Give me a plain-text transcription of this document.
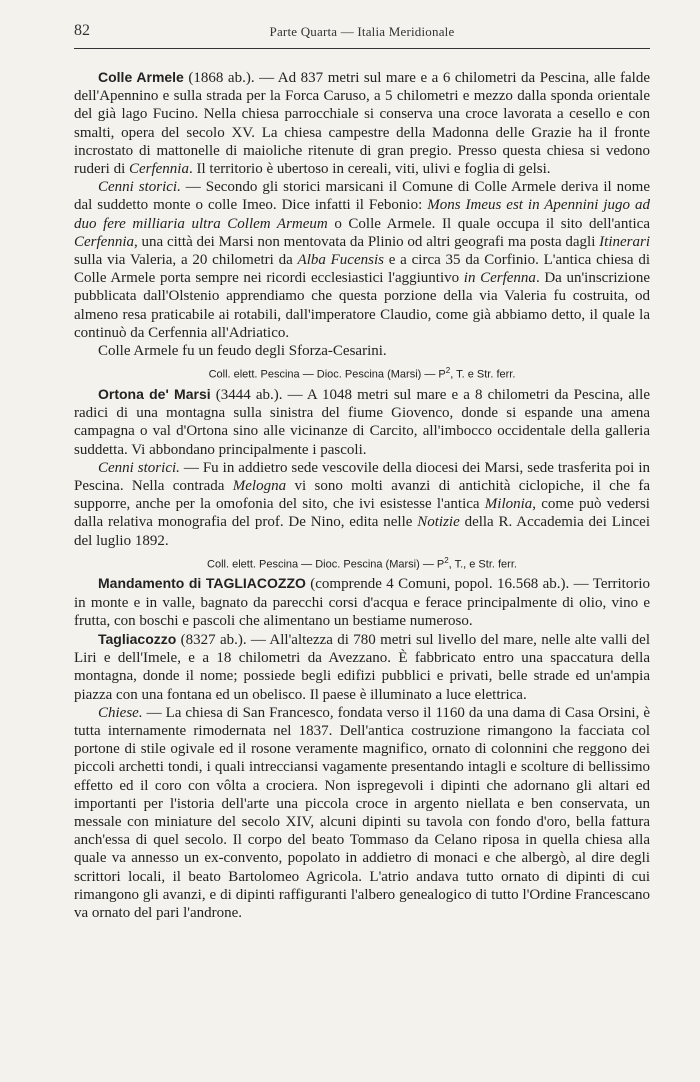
82	Parte Quarta — Italia Meridionale

Colle Armele (1868 ab.). — Ad 837 metri sul mare e a 6 chilometri da Pescina, alle falde dell'Apennino e sulla strada per la Forca Caruso, a 5 chilometri e mezzo dalla sponda orientale del già lago Fucino. Nella chiesa parrocchiale si conserva una croce lavorata a cesello e con smalti, opera del secolo XV. La chiesa campestre della Madonna delle Grazie ha il fronte incrostato di mattonelle di maioliche ritenute di gran pregio. Presso questa chiesa si vedono ruderi di Cerfennia. Il territorio è ubertoso in cereali, viti, ulivi e foglia di gelsi.

Cenni storici. — Secondo gli storici marsicani il Comune di Colle Armele deriva il nome dal suddetto monte o colle Imeo. Dice infatti il Febonio: Mons Imeus est in Apennini jugo ad duo fere milliaria ultra Collem Armeum o Colle Armele. Il quale occupa il sito dell'antica Cerfennia, una città dei Marsi non mentovata da Plinio od altri geografi ma posta dagli Itinerari sulla via Valeria, a 20 chilometri da Alba Fucensis e a circa 35 da Corfinio. L'antica chiesa di Colle Armele porta sempre nei ricordi ecclesiastici l'aggiuntivo in Cerfenna. Da un'inscrizione pubblicata dall'Olstenio apprendiamo che questa porzione della via Valeria fu costruita, od almeno resa praticabile ai rotabili, dall'imperatore Claudio, come già abbiamo detto, il quale la continuò da Cerfennia all'Adriatico.

Colle Armele fu un feudo degli Sforza-Cesarini.

Coll. elett. Pescina — Dioc. Pescina (Marsi) — $P^2$, T. e Str. ferr.

Ortona de' Marsi (3444 ab.). — A 1048 metri sul mare e a 8 chilometri da Pescina, alle radici di una montagna sulla sinistra del fiume Giovenco, donde si espande una amena campagna o val d'Ortona sino alle vicinanze di Carcito, all'imbocco occidentale della galleria suddetta. Vi abbondano principalmente i pascoli.

Cenni storici. — Fu in addietro sede vescovile della diocesi dei Marsi, sede trasferita poi in Pescina. Nella contrada Melogna vi sono molti avanzi di antichità ciclopiche, il che fa supporre, anche per la omofonia del sito, che ivi esistesse l'antica Milonia, come può vedersi dalla relativa monografia del prof. De Nino, edita nelle Notizie della R. Accademia dei Lincei del luglio 1892.

Coll. elett. Pescina — Dioc. Pescina (Marsi) — $P^2$, T., e Str. ferr.

Mandamento di TAGLIACOZZO (comprende 4 Comuni, popol. 16.568 ab.). — Territorio in monte e in valle, bagnato da parecchi corsi d'acqua e ferace principalmente di olio, vino e frutta, con boschi e pascoli che alimentano un bestiame numeroso.

Tagliacozzo (8327 ab.). — All'altezza di 780 metri sul livello del mare, nelle alte valli del Liri e dell'Imele, e a 18 chilometri da Avezzano. È fabbricato entro una spaccatura della montagna, donde il nome; possiede begli edifizi pubblici e privati, belle strade ed un'ampia piazza con una fontana ed un obelisco. Il paese è illuminato a luce elettrica.

Chiese. — La chiesa di San Francesco, fondata verso il 1160 da una dama di Casa Orsini, è tutta internamente rimodernata nel 1837. Dell'antica costruzione rimangono la facciata col portone di stile ogivale ed il rosone veramente magnifico, ornato di colonnini che reggono dei piccoli archetti tondi, i quali intrecciansi vagamente presentando intagli e scolture di bellissimo effetto ed il coro con vôlta a crociera. Non ispregevoli i dipinti che adornano gli altari ed importanti per l'istoria dell'arte una piccola croce in argento niellata e ben conservata, un messale con miniature del secolo XIV, alcuni dipinti su tavola con fondo d'oro, bella fattura anch'essa di quel secolo. Il corpo del beato Tommaso da Celano riposa in quella chiesa alla quale va annesso un ex-convento, popolato in addietro di monaci e che albergò, al dire degli scrittori locali, il beato Bartolomeo Agricola. L'atrio andava tutto ornato di dipinti di cui rimangono gli avanzi, e di dipinti raffiguranti l'albero genealogico di tutto l'Ordine Francescano va ornato del pari l'androne.
